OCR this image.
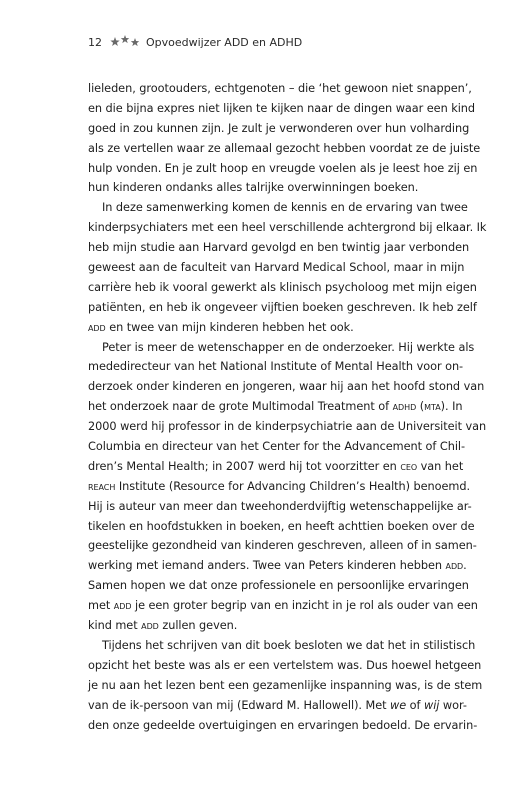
12	Opvoedwijzer ADD en ADHD
lieleden, grootouders, echtgenoten – die ‘het gewoon niet snappen’,
en die bijna expres niet lijken te kijken naar de dingen waar een kind
goed in zou kunnen zijn. Je zult je verwonderen over hun volharding
als ze vertellen waar ze allemaal gezocht hebben voordat ze de juiste
hulp vonden. En je zult hoop en vreugde voelen als je leest hoe zij en
hun kinderen ondanks alles talrijke overwinningen boeken.
In deze samenwerking komen de kennis en de ervaring van twee
kinderpsychiaters met een heel verschillende achtergrond bij elkaar. Ik
heb mijn studie aan Harvard gevolgd en ben twintig jaar verbonden
geweest aan de faculteit van Harvard Medical School, maar in mijn
carrière heb ik vooral gewerkt als klinisch psycholoog met mijn eigen
patiënten, en heb ik ongeveer vijftien boeken geschreven. Ik heb zelf
add en twee van mijn kinderen hebben het ook.
Peter is meer de wetenschapper en de onderzoeker. Hij werkte als
mededirecteur van het National Institute of Mental Health voor on-
derzoek onder kinderen en jongeren, waar hij aan het hoofd stond van
het onderzoek naar de grote Multimodal Treatment of adhd (mta). In
2000 werd hij professor in de kinderpsychiatrie aan de Universiteit van
Columbia en directeur van het Center for the Advancement of Chil-
dren’s Mental Health; in 2007 werd hij tot voorzitter en ceo van het
reach Institute (Resource for Advancing Children’s Health) benoemd.
Hij is auteur van meer dan tweehonderdvijftig wetenschappelijke ar-
tikelen en hoofdstukken in boeken, en heeft achttien boeken over de
geestelijke gezondheid van kinderen geschreven, alleen of in samen-
werking met iemand anders. Twee van Peters kinderen hebben add.
Samen hopen we dat onze professionele en persoonlijke ervaringen
met add je een groter begrip van en inzicht in je rol als ouder van een
kind met add zullen geven.
Tijdens het schrijven van dit boek besloten we dat het in stilistisch
opzicht het beste was als er een vertelstem was. Dus hoewel hetgeen
je nu aan het lezen bent een gezamenlijke inspanning was, is de stem
van de ik-persoon van mij (Edward M. Hallowell). Met we of wij wor-
den onze gedeelde overtuigingen en ervaringen bedoeld. De ervarin-
